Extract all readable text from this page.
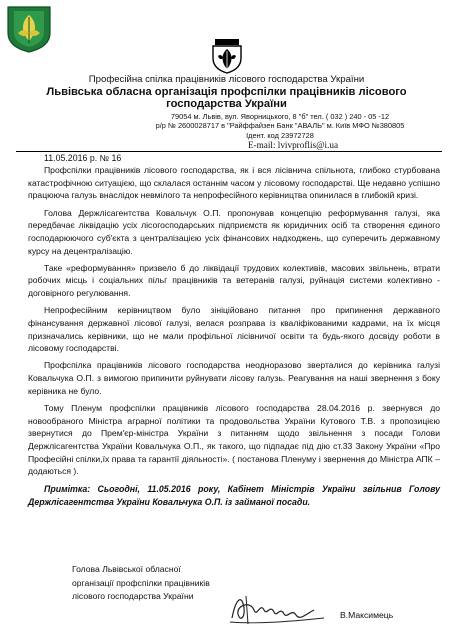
Професійна спілка працівників лісового господарства України
Львівська обласна організація профспілки працівників лісового
господарства України
79054 м. Львів, вул. Яворницького, 8 "б" тел. ( 032 ) 240 - 05 -12
р/р № 2600028717 в "Райффайзен Банк "АВАЛЬ" м. Київ МФО №380805
Ідент. код 23972728
E-mail: lvivproflis@i.ua
11.05.2016 р. № 16

Профспілки працівників лісового господарства, як і вся лісівнича спільнота, глибоко стурбована катастрофічною ситуацією, що склалася останнім часом у лісовому господарстві. Ще недавно успішно працююча галузь внаслідок невмілого та непрофесійного керівництва опинилася в глибокій кризі.

Голова Держлісагентства Ковальчук О.П. пропонував концепцію реформування галузі, яка передбачає ліквідацію усіх лісогосподарських підприємств як юридичних осіб та створення єдиного господарюючого суб'єкта з централізацією усіх фінансових надходжень, що суперечить державному курсу на децентралізацію.

Таке «реформування» призвело б до ліквідації трудових колективів, масових звільнень, втрати робочих місць і соціальних пільг працівників та ветеранів галузі, руйнація системи колективно - договірного регулювання.

Непрофесійним керівництвом було зініційовано питання про припинення державного фінансування державної лісової галузі, велася розправа із кваліфікованими кадрами, на їх місця призначались керівники, що не мали профільної лісівничої освіти та будь-якого досвіду роботи в лісовому господарстві.

Профспілка працівників лісового господарства неодноразово зверталися до керівника галузі Ковальчука О.П. з вимогою припинити руйнувати лісову галузь. Реагування на наші звернення з боку керівника не було.

Тому Пленум профспілки працівників лісового господарства 28.04.2016 р. звернувся до новообраного Міністра аграрної політики та продовольства України Кутового Т.В. з пропозицією звернутися до Прем'єр-міністра України з питанням щодо звільнення з посади Голови Держлісагентства України Ковальчука О.П., як такого, що підпадає під дію ст.33 Закону України «Про Професійні спілки,їх права та гарантії діяльності». ( постанова Пленуму і звернення до Міністра АПК – додаються ).

Примітка: Сьогодні, 11.05.2016 року, Кабінет Міністрів України звільнив Голову Держлісагентства України Ковальчука О.П. із займаної посади.

Голова Львівської обласної
організації профспілки працівників
лісового господарства України
В.Максимець
